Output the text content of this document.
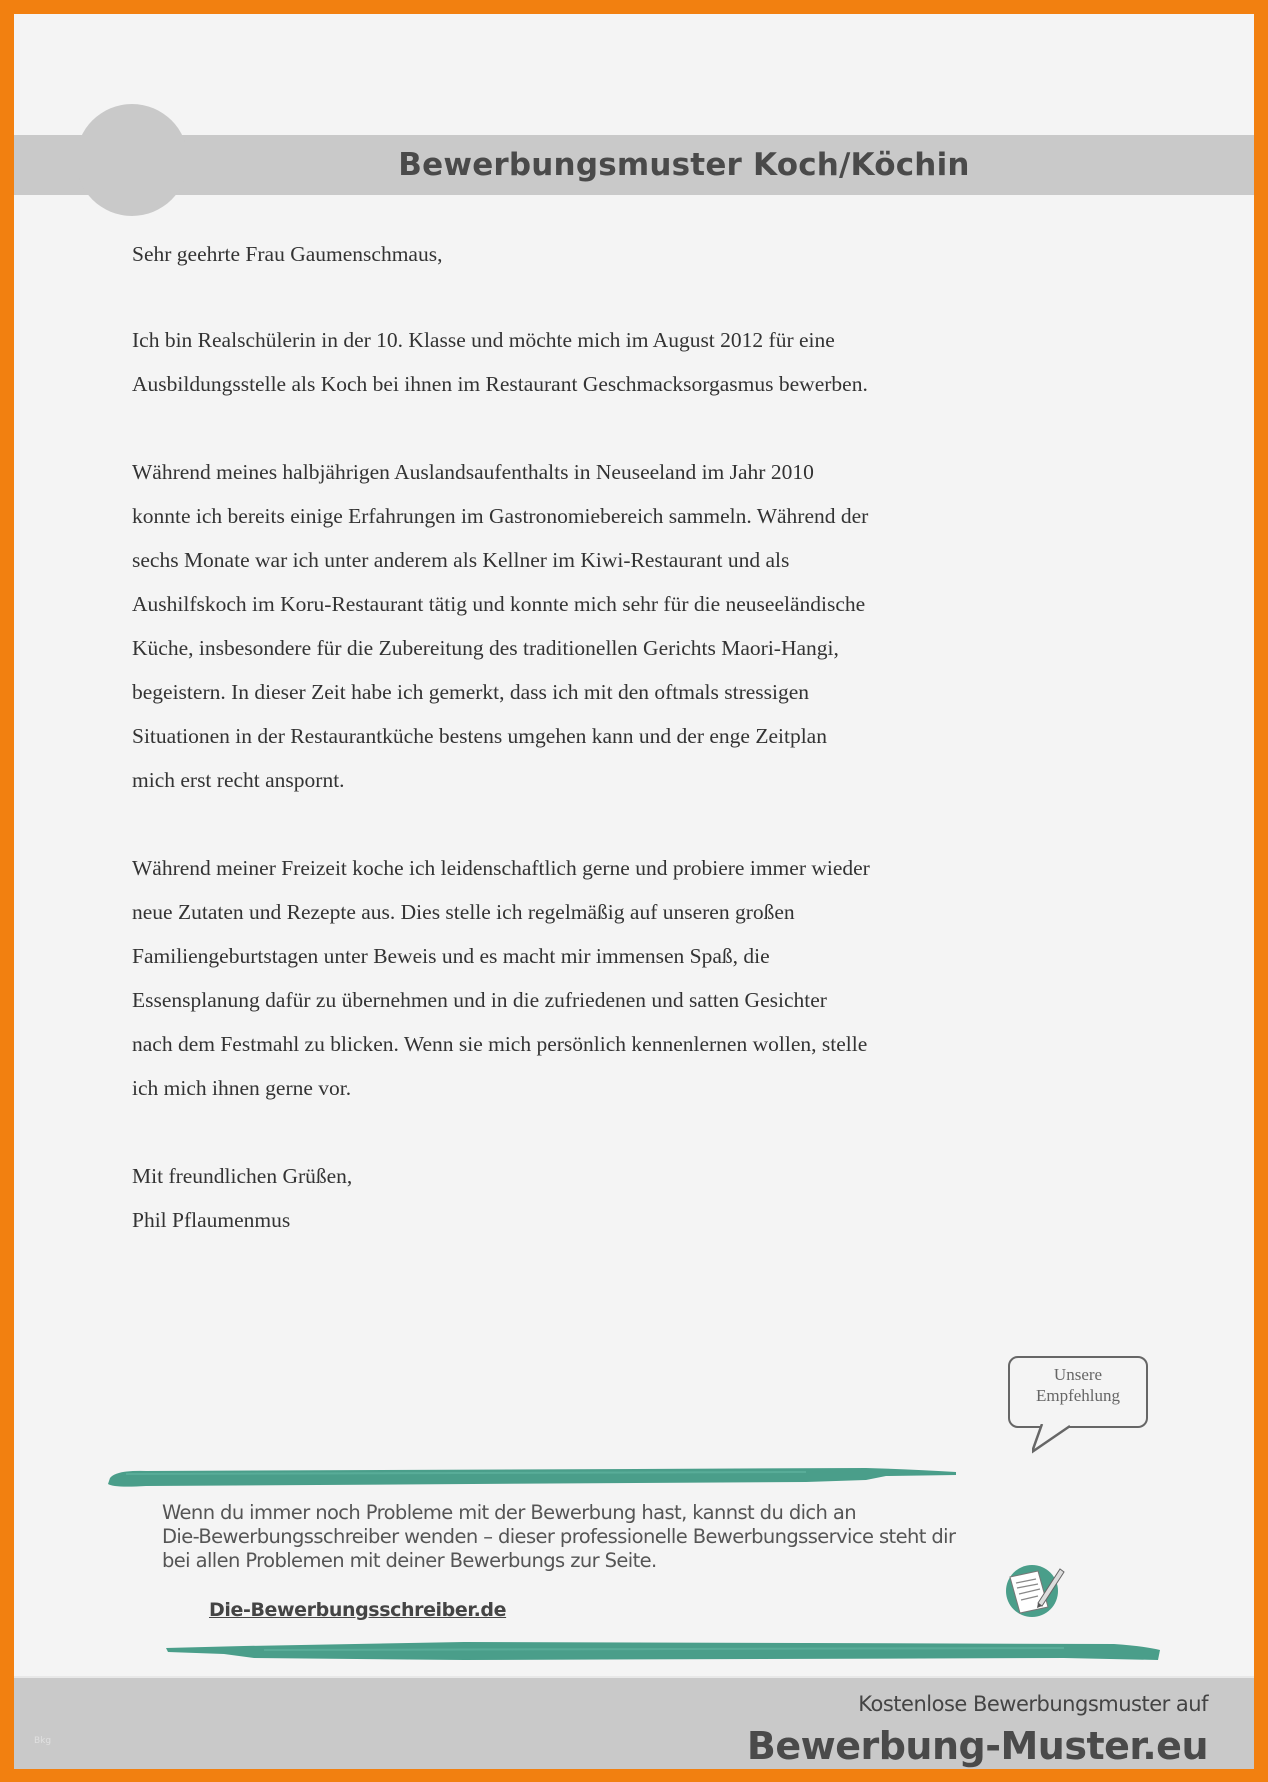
Bewerbungsmuster Koch/Köchin
Sehr geehrte Frau Gaumenschmaus,
Ich bin Realschülerin in der 10. Klasse und möchte mich im August 2012 für eine
Ausbildungsstelle als Koch bei ihnen im Restaurant Geschmacksorgasmus bewerben.
Während meines halbjährigen Auslandsaufenthalts in Neuseeland im Jahr 2010
konnte ich bereits einige Erfahrungen im Gastronomiebereich sammeln. Während der
sechs Monate war ich unter anderem als Kellner im Kiwi-Restaurant und als
Aushilfskoch im Koru-Restaurant tätig und konnte mich sehr für die neuseeländische
Küche, insbesondere für die Zubereitung des traditionellen Gerichts Maori-Hangi,
begeistern. In dieser Zeit habe ich gemerkt, dass ich mit den oftmals stressigen
Situationen in der Restaurantküche bestens umgehen kann und der enge Zeitplan
mich erst recht anspornt.
Während meiner Freizeit koche ich leidenschaftlich gerne und probiere immer wieder
neue Zutaten und Rezepte aus. Dies stelle ich regelmäßig auf unseren großen
Familiengeburtstagen unter Beweis und es macht mir immensen Spaß, die
Essensplanung dafür zu übernehmen und in die zufriedenen und satten Gesichter
nach dem Festmahl zu blicken. Wenn sie mich persönlich kennenlernen wollen, stelle
ich mich ihnen gerne vor.
Mit freundlichen Grüßen,
Phil Pflaumenmus
Unsere
Empfehlung
Wenn du immer noch Probleme mit der Bewerbung hast, kannst du dich an
Die-Bewerbungsschreiber wenden – dieser professionelle Bewerbungsservice steht dir
bei allen Problemen mit deiner Bewerbungs zur Seite.
Die-Bewerbungsschreiber.de
Bkg
Kostenlose Bewerbungsmuster auf
Bewerbung-Muster.eu
